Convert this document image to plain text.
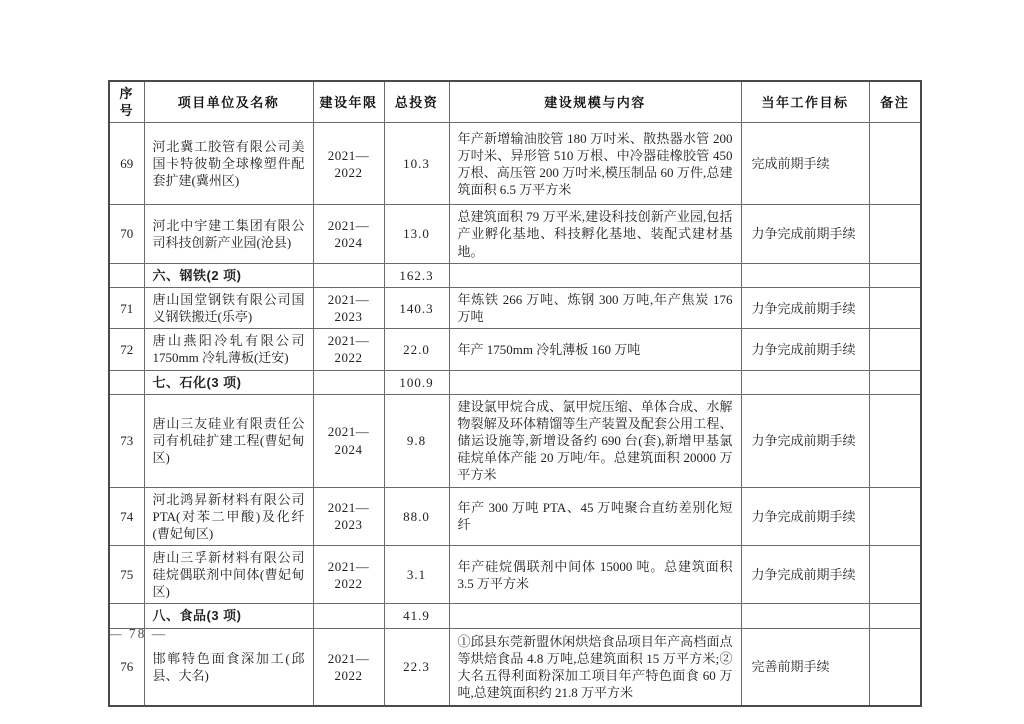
序号	项目单位及名称	建设年限	总投资	建设规模与内容	当年工作目标	备注
69	河北冀工胶管有限公司美国卡特彼勒全球橡塑件配套扩建(冀州区)	2021—2022	10.3	年产新增输油胶管 180 万吋米、散热器水管 200 万吋米、异形管 510 万根、中冷器硅橡胶管 450 万根、高压管 200 万吋米,模压制品 60 万件,总建筑面积 6.5 万平方米	完成前期手续	
70	河北中宇建工集团有限公司科技创新产业园(沧县)	2021—2024	13.0	总建筑面积 79 万平米,建设科技创新产业园,包括产业孵化基地、科技孵化基地、装配式建材基地。	力争完成前期手续	
	六、钢铁(2 项)		162.3			
71	唐山国堂钢铁有限公司国义钢铁搬迁(乐亭)	2021—2023	140.3	年炼铁 266 万吨、炼钢 300 万吨,年产焦炭 176 万吨	力争完成前期手续	
72	唐山燕阳冷轧有限公司1750mm 冷轧薄板(迁安)	2021—2022	22.0	年产 1750mm 冷轧薄板 160 万吨	力争完成前期手续	
	七、石化(3 项)		100.9			
73	唐山三友硅业有限责任公司有机硅扩建工程(曹妃甸区)	2021—2024	9.8	建设氯甲烷合成、氯甲烷压缩、单体合成、水解物裂解及环体精馏等生产装置及配套公用工程、储运设施等,新增设备约 690 台(套),新增甲基氯硅烷单体产能 20 万吨/年。总建筑面积 20000 万平方米	力争完成前期手续	
74	河北鸿昇新材料有限公司PTA(对苯二甲酸)及化纤(曹妃甸区)	2021—2023	88.0	年产 300 万吨 PTA、45 万吨聚合直纺差别化短纤	力争完成前期手续	
75	唐山三孚新材料有限公司硅烷偶联剂中间体(曹妃甸区)	2021—2022	3.1	年产硅烷偶联剂中间体 15000 吨。总建筑面积 3.5 万平方米	力争完成前期手续	
	八、食品(3 项)		41.9			
76	邯郸特色面食深加工(邱县、大名)	2021—2022	22.3	①邱县东莞新盟休闲烘焙食品项目年产高档面点等烘焙食品 4.8 万吨,总建筑面积 15 万平方米;②大名五得利面粉深加工项目年产特色面食 60 万吨,总建筑面积约 21.8 万平方米	完善前期手续	
— 78 —
